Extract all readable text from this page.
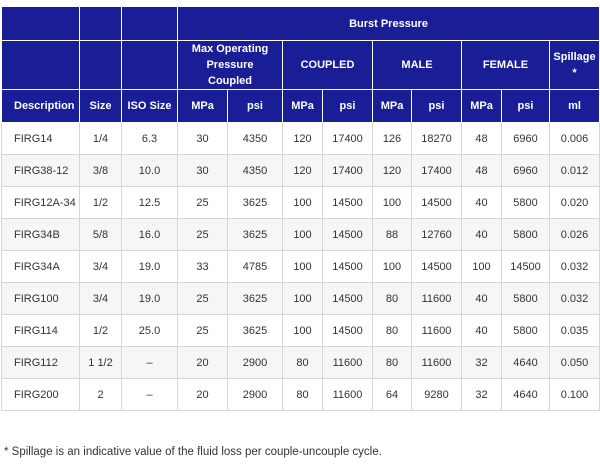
			Burst Pressure								
			Max Operating Pressure Coupled		COUPLED		MALE		FEMALE		Spillage *
Description	Size	ISO Size	MPa	psi	MPa	psi	MPa	psi	MPa	psi	ml
FIRG14	1/4	6.3	30	4350	120	17400	126	18270	48	6960	0.006
FIRG38-12	3/8	10.0	30	4350	120	17400	120	17400	48	6960	0.012
FIRG12A-34	1/2	12.5	25	3625	100	14500	100	14500	40	5800	0.020
FIRG34B	5/8	16.0	25	3625	100	14500	88	12760	40	5800	0.026
FIRG34A	3/4	19.0	33	4785	100	14500	100	14500	100	14500	0.032
FIRG100	3/4	19.0	25	3625	100	14500	80	11600	40	5800	0.032
FIRG114	1/2	25.0	25	3625	100	14500	80	11600	40	5800	0.035
FIRG112	1 1/2	–	20	2900	80	11600	80	11600	32	4640	0.050
FIRG200	2	–	20	2900	80	11600	64	9280	32	4640	0.100
* Spillage is an indicative value of the fluid loss per couple-uncouple cycle.
